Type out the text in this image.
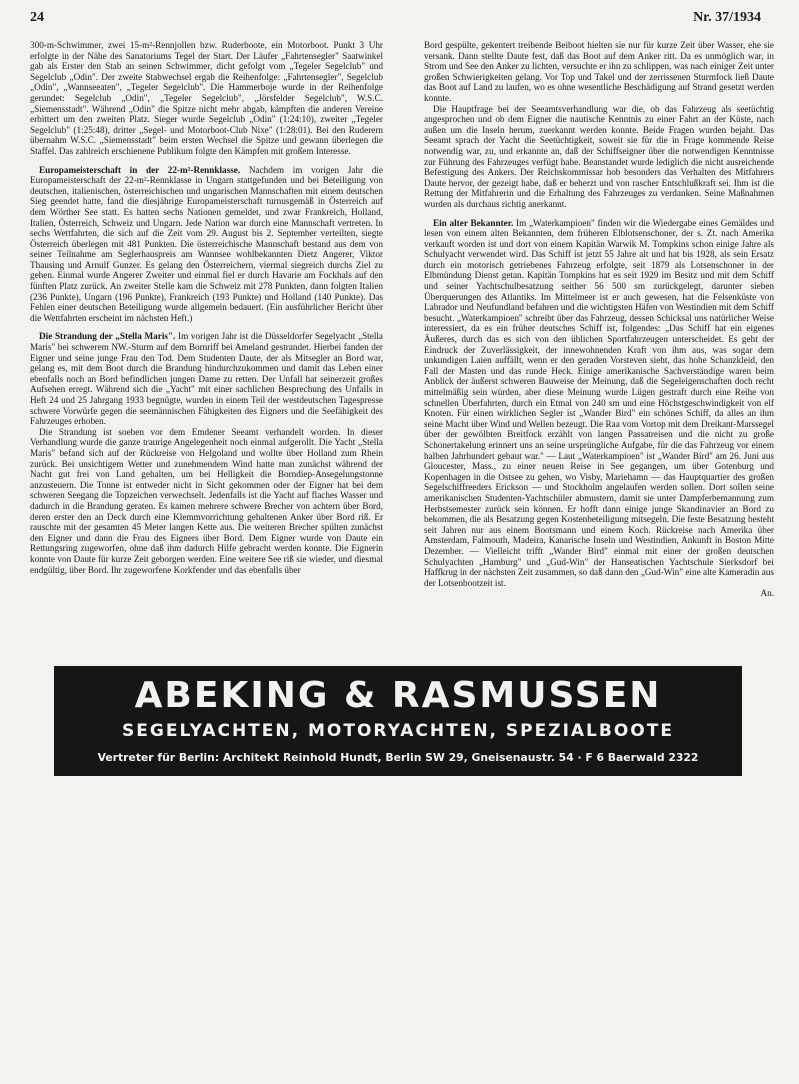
24	Nr. 37/1934

300-m-Schwimmer, zwei 15-m²-Rennjollen bzw. Ruderboote, ein Motorboot. Punkt 3 Uhr erfolgte in der Nähe des Sanatoriums Tegel der Start. Der Läufer „Fahrtensegler" Saatwinkel gab als Erster den Stab an seinen Schwimmer, dicht gefolgt vom „Tegeler Segelclub" und Segelclub „Odin". Der zweite Stabwechsel ergab die Reihenfolge: „Fahrtensegler", Segelclub „Odin", „Wannseeaten", „Tegeler Segelclub". Die Hammerboje wurde in der Reihenfolge gerundet: Segelclub „Odin", „Tegeler Segelclub", „Jörsfelder Segelclub", W.S.C. „Siemensstadt". Während „Odin" die Spitze nicht mehr abgab, kämpften die anderen Vereine erbittert um den zweiten Platz. Sieger wurde Segelclub „Odin" (1:24:10), zweiter „Tegeler Segelclub" (1:25:48), dritter „Segel- und Motorboot-Club Nixe" (1:28:01). Bei den Ruderern übernahm W.S.C. „Siemensstadt" beim ersten Wechsel die Spitze und gewann überlegen die Staffel. Das zahlreich erschienene Publikum folgte den Kämpfen mit großem Interesse.

Europameisterschaft in der 22-m²-Rennklasse. Nachdem im vorigen Jahr die Europameisterschaft der 22-m²-Rennklasse in Ungarn stattgefunden und bei Beteiligung von deutschen, italienischen, österreichischen und ungarischen Mannschaften mit einem deutschen Sieg geendet hatte, fand die diesjährige Europameisterschaft turnusgemäß in Österreich auf dem Wörther See statt. Es hatten sechs Nationen gemeldet, und zwar Frankreich, Holland, Italien, Österreich, Schweiz und Ungarn. Jede Nation war durch eine Mannschaft vertreten. In sechs Wettfahrten, die sich auf die Zeit vom 29. August bis 2. September verteilten, siegte Österreich überlegen mit 481 Punkten. Die österreichische Mannschaft bestand aus dem von seiner Teilnahme am Seglerhauspreis am Wannsee wohlbekannten Dietz Angerer, Viktor Thausing und Arnulf Gunzer. Es gelang den Österreichern, viermal siegreich durchs Ziel zu gehen. Einmal wurde Angerer Zweiter und einmal fiel er durch Havarie am Fockhals auf den fünften Platz zurück. An zweiter Stelle kam die Schweiz mit 278 Punkten, dann folgten Italien (236 Punkte), Ungarn (196 Punkte), Frankreich (193 Punkte) und Holland (140 Punkte). Das Fehlen einer deutschen Beteiligung wurde allgemein bedauert. (Ein ausführlicher Bericht über die Wettfahrten erscheint im nächsten Heft.)

Die Strandung der „Stella Maris". Im vorigen Jahr ist die Düsseldorfer Segelyacht „Stella Maris" bei schwerem NW.-Sturm auf dem Bornriff bei Ameland gestrandet. Hierbei fanden der Eigner und seine junge Frau den Tod. Dem Studenten Daute, der als Mitsegler an Bord war, gelang es, mit dem Boot durch die Brandung hindurchzukommen und damit das Leben einer ebenfalls noch an Bord befindlichen jungen Dame zu retten. Der Unfall hat seinerzeit großes Aufsehen erregt. Während sich die „Yacht" mit einer sachlichen Besprechung des Unfalls in Heft 24 und 25 Jahrgang 1933 begnügte, wurden in einem Teil der westdeutschen Tagespresse schwere Vorwürfe gegen die seemännischen Fähigkeiten des Eigners und die Seefähigkeit des Fahrzeuges erhoben.

Die Strandung ist soeben vor dem Emdener Seeamt verhandelt worden. In dieser Verhandlung wurde die ganze traurige Angelegenheit noch einmal aufgerollt. Die Yacht „Stella Maris" befand sich auf der Rückreise von Helgoland und wollte über Holland zum Rhein zurück. Bei unsichtigem Wetter und zunehmendem Wind hatte man zunächst während der Nacht gut frei von Land gehalten, um bei Helligkeit die Borndiep-Ansegelungstonne anzusteuern. Die Tonne ist entweder nicht in Sicht gekommen oder der Eigner hat bei dem schweren Seegang die Topzeichen verwechselt. Jedenfalls ist die Yacht auf flaches Wasser und dadurch in die Brandung geraten. Es kamen mehrere schwere Brecher von achtern über Bord, deren erster den an Deck durch eine Klemmvorrichtung gehaltenen Anker über Bord riß. Er rauschte mit der gesamten 45 Meter langen Kette aus. Die weiteren Brecher spülten zunächst den Eigner und dann die Frau des Eigners über Bord. Dem Eigner wurde von Daute ein Rettungsring zugeworfen, ohne daß ihm dadurch Hilfe gebracht werden konnte. Die Eignerin konnte von Daute für kurze Zeit geborgen werden. Eine weitere See riß sie wieder, und diesmal endgültig, über Bord. Ihr zugeworfene Korkfender und das ebenfalls über

Bord gespülte, gekentert treibende Beiboot hielten sie nur für kurze Zeit über Wasser, ehe sie versank. Dann stellte Daute fest, daß das Boot auf dem Anker ritt. Da es unmöglich war, in Strom und See den Anker zu lichten, versuchte er ihn zu schlippen, was nach einiger Zeit unter großen Schwierigkeiten gelang. Vor Top und Takel und der zerrissenen Sturmfock ließ Daute das Boot auf Land zu laufen, wo es ohne wesentliche Beschädigung auf Strand gesetzt werden konnte.

Die Hauptfrage bei der Seeamtsverhandlung war die, ob das Fahrzeug als seetüchtig angesprochen und ob dem Eigner die nautische Kenntnis zu einer Fahrt an der Küste, nach außen um die Inseln herum, zuerkannt werden konnte. Beide Fragen wurden bejaht. Das Seeamt sprach der Yacht die Seetüchtigkeit, soweit sie für die in Frage kommende Reise notwendig war, zu, und erkannte an, daß der Schiffseigner über die notwendigen Kenntnisse zur Führung des Fahrzeuges verfügt habe. Beanstandet wurde lediglich die nicht ausreichende Befestigung des Ankers. Der Reichskommissar hob besonders das Verhalten des Mitfahrers Daute hervor, der gezeigt habe, daß er beherzt und von rascher Entschlußkraft sei. Ihm ist die Rettung der Mitfahrerin und die Erhaltung des Fahrzeuges zu verdanken. Seine Maßnahmen wurden als durchaus richtig anerkannt.

Ein alter Bekannter. Im „Waterkampioen" finden wir die Wiedergabe eines Gemäldes und lesen von einem alten Bekannten, dem früheren Elblotsenschoner, der s. Zt. nach Amerika verkauft worden ist und dort von einem Kapitän Warwik M. Tompkins schon einige Jahre als Schulyacht verwendet wird. Das Schiff ist jetzt 55 Jahre alt und hat bis 1928, als sein Ersatz durch ein motorisch getriebenes Fahrzeug erfolgte, seit 1879 als Lotsenschoner in der Elbmündung Dienst getan. Kapitän Tompkins hat es seit 1929 im Besitz und mit dem Schiff und seiner Yachtschulbesatzung seither 56 500 sm zurückgelegt, darunter sieben Überquerungen des Atlantiks. Im Mittelmeer ist er auch gewesen, hat die Felsenküste von Labrador und Neufundland befahren und die wichtigsten Häfen von Westindien mit dem Schiff besucht. „Waterkampioen" schreibt über das Fahrzeug, dessen Schicksal uns natürlicher Weise interessiert, da es ein früher deutsches Schiff ist, folgendes: „Das Schiff hat ein eigenes Äußeres, durch das es sich von den üblichen Sportfahrzeugen unterscheidet. Es geht der Eindruck der Zuverlässigkeit, der innewohnenden Kraft von ihm aus, was sogar dem unkundigen Laien auffällt, wenn er den geraden Vorsteven sieht, das hohe Schanzkleid, den Fall der Masten und das runde Heck. Einige amerikanische Sachverständige waren beim Anblick der äußerst schweren Bauweise der Meinung, daß die Segeleigenschaften doch recht mittelmäßig sein würden, aber diese Meinung wurde Lügen gestraft durch eine Reihe von schnellen Überfahrten, durch ein Etmal von 240 sm und eine Höchstgeschwindigkeit von elf Knoten. Für einen wirklichen Segler ist „Wander Bird" ein schönes Schiff, da alles an ihm seine Macht über Wind und Wellen bezeugt. Die Raa vom Vortop mit dem Dreikant-Marssegel über der gewölbten Breitfock erzählt von langen Passatreisen und die nicht zu große Schonertakelung erinnert uns an seine ursprüngliche Aufgabe, für die das Fahrzeug vor einem halben Jahrhundert gebaut war." — Laut „Waterkampioen" ist „Wander Bird" am 26. Juni aus Gloucester, Mass., zu einer neuen Reise in See gegangen, um über Gotenburg und Kopenhagen in die Ostsee zu gehen, wo Visby, Mariehamn — das Hauptquartier des großen Segelschiffreeders Erickson — und Stockholm angelaufen werden sollen. Dort sollen seine amerikanischen Studenten-Yachtschüler abmustern, damit sie unter Dampferbemannung zum Herbstsemester zurück sein können. Er hofft dann einige junge Skandinavier an Bord zu bekommen, die als Besatzung gegen Kostenbeteiligung mitsegeln. Die feste Besatzung besteht seit Jahren nur aus einem Bootsmann und einem Koch. Rückreise nach Amerika über Amsterdam, Falmouth, Madeira, Kanarische Inseln und Westindien, Ankunft in Boston Mitte Dezember. — Vielleicht trifft „Wander Bird" einmal mit einer der großen deutschen Schulyachten „Hamburg" und „Gud-Win" der Hanseatischen Yachtschule Sierksdorf bei Haffkrug in der nächsten Zeit zusammen, so daß dann den „Gud-Win" eine alte Kameradin aus der Lotsenbootzeit ist.

An.

ABEKING & RASMUSSEN
SEGELYACHTEN, MOTORYACHTEN, SPEZIALBOOTE
Vertreter für Berlin: Architekt Reinhold Hundt, Berlin SW 29, Gneisenaustr. 54 · F 6 Baerwald 2322
